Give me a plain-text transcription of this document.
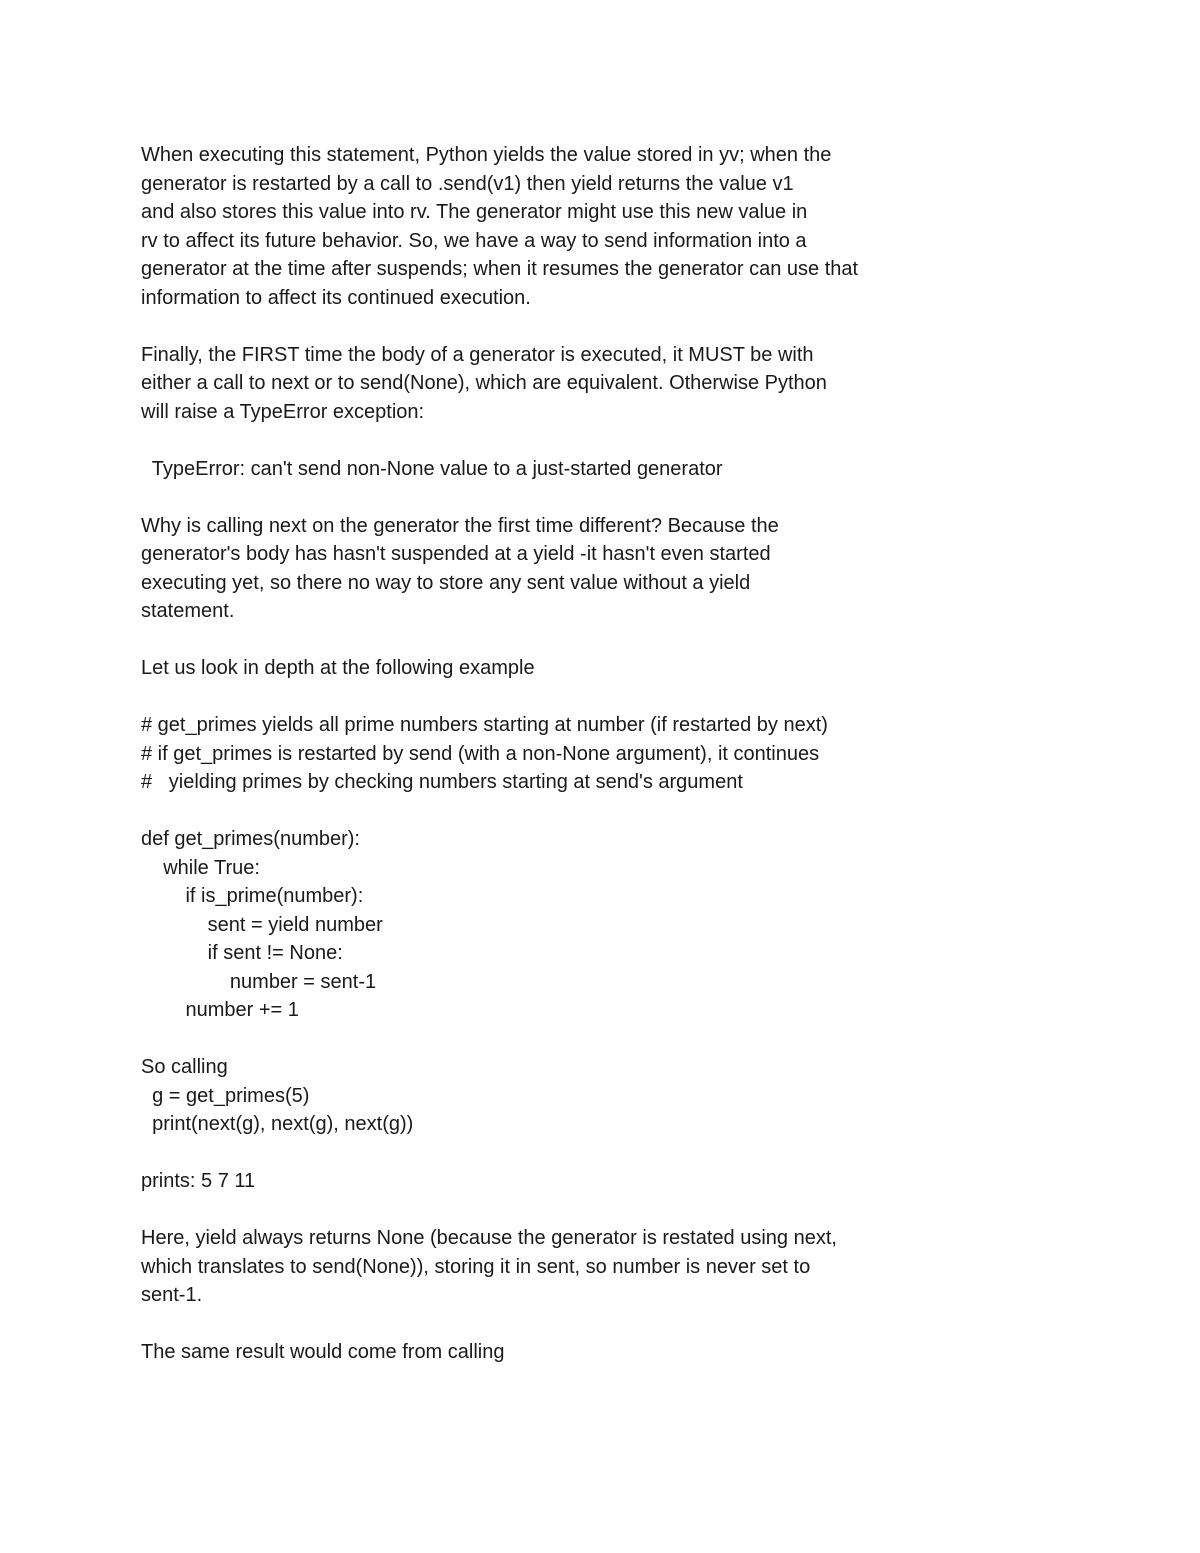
When executing this statement, Python yields the value stored in yv; when the
generator is restarted by a call to .send(v1) then yield returns the value v1
and also stores this value into rv. The generator might use this new value in
rv to affect its future behavior. So, we have a way to send information into a
generator at the time after suspends; when it resumes the generator can use that
information to affect its continued execution.
Finally, the FIRST time the body of a generator is executed, it MUST be with
either a call to next or to send(None), which are equivalent. Otherwise Python
will raise a TypeError exception:
TypeError: can't send non-None value to a just-started generator
Why is calling next on the generator the first time different? Because the
generator's body has hasn't suspended at a yield -it hasn't even started
executing yet, so there no way to store any sent value without a yield
statement.
Let us look in depth at the following example
# get_primes yields all prime numbers starting at number (if restarted by next)
# if get_primes is restarted by send (with a non-None argument), it continues
#   yielding primes by checking numbers starting at send's argument
def get_primes(number):
while True:
if is_prime(number):
sent = yield number
if sent != None:
number = sent-1
number += 1
So calling
g = get_primes(5)
print(next(g), next(g), next(g))
prints: 5 7 11
Here, yield always returns None (because the generator is restated using next,
which translates to send(None)), storing it in sent, so number is never set to
sent-1.
The same result would come from calling
